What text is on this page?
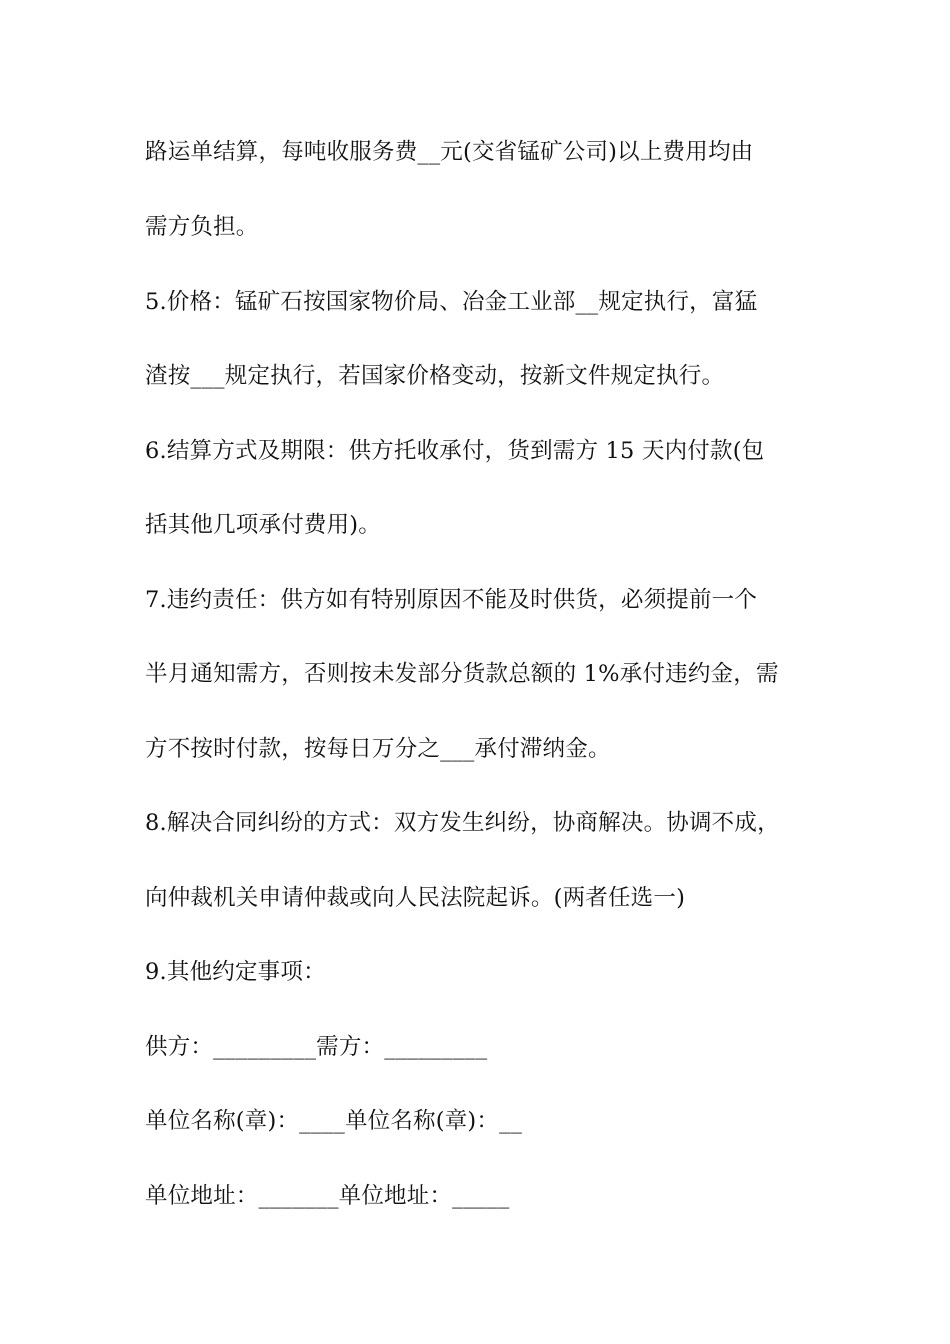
路运单结算，每吨收服务费__元(交省锰矿公司)以上费用均由
需方负担。
5.价格：锰矿石按国家物价局、冶金工业部__规定执行，富猛
渣按___规定执行，若国家价格变动，按新文件规定执行。
6.结算方式及期限：供方托收承付，货到需方 15 天内付款(包
括其他几项承付费用)。
7.违约责任：供方如有特别原因不能及时供货，必须提前一个
半月通知需方，否则按未发部分货款总额的 1%承付违约金，需
方不按时付款，按每日万分之___承付滞纳金。
8.解决合同纠纷的方式：双方发生纠纷，协商解决。协调不成，
向仲裁机关申请仲裁或向人民法院起诉。(两者任选一)
9.其他约定事项：
供方：_________需方：_________
单位名称(章)：____单位名称(章)：__
单位地址：_______单位地址：_____
